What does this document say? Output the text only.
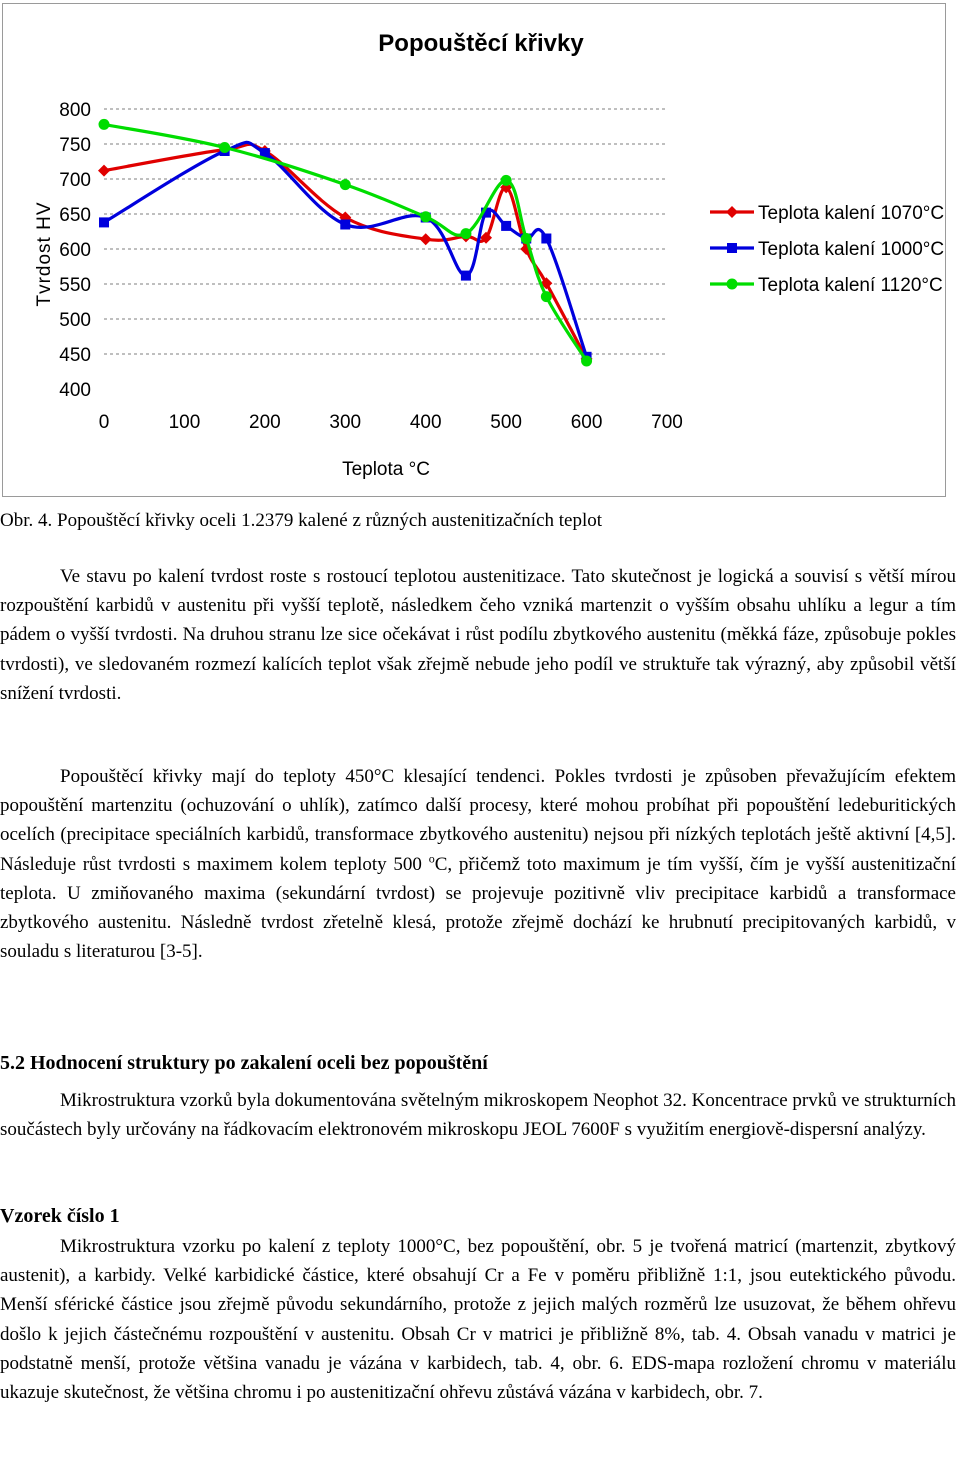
Popouštěcí křivky
Tvrdost HV
Teplota °C
800
750
700
650
600
550
500
450
400
0	100	200	300	400	500	600	700
Teplota kalení 1070°C
Teplota kalení 1000°C
Teplota kalení 1120°C
Obr. 4. Popouštěcí křivky oceli 1.2379 kalené z různých austenitizačních teplot

Ve stavu po kalení tvrdost roste s rostoucí teplotou austenitizace. Tato skutečnost je logická a souvisí s větší mírou rozpouštění karbidů v austenitu při vyšší teplotě, následkem čeho vzniká martenzit o vyšším obsahu uhlíku a legur a tím pádem o vyšší tvrdosti. Na druhou stranu lze sice očekávat i růst podílu zbytkového austenitu (měkká fáze, způsobuje pokles tvrdosti), ve sledovaném rozmezí kalících teplot však zřejmě nebude jeho podíl ve struktuře tak výrazný, aby způsobil větší snížení tvrdosti.

Popouštěcí křivky mají do teploty 450°C klesající tendenci. Pokles tvrdosti je způsoben převažujícím efektem popouštění martenzitu (ochuzování o uhlík), zatímco další procesy, které mohou probíhat při popouštění ledeburitických ocelích (precipitace speciálních karbidů, transformace zbytkového austenitu) nejsou při nízkých teplotách ještě aktivní [4,5]. Následuje růst tvrdosti s maximem kolem teploty 500 $^o$C, přičemž toto maximum je tím vyšší, čím je vyšší austenitizační teplota. U zmiňovaného maxima (sekundární tvrdost) se projevuje pozitivně vliv precipitace karbidů a transformace zbytkového austenitu. Následně tvrdost zřetelně klesá, protože zřejmě dochází ke hrubnutí precipitovaných karbidů, v souladu s literaturou [3-5].

5.2 Hodnocení struktury po zakalení oceli bez popouštění

Mikrostruktura vzorků byla dokumentována světelným mikroskopem Neophot 32. Koncentrace prvků ve strukturních součástech byly určovány na řádkovacím elektronovém mikroskopu JEOL 7600F s využitím energiově-dispersní analýzy.

Vzorek číslo 1

Mikrostruktura vzorku po kalení z teploty 1000°C, bez popouštění, obr. 5 je tvořená matricí (martenzit, zbytkový austenit), a karbidy. Velké karbidické částice, které obsahují Cr a Fe v poměru přibližně 1:1, jsou eutektického původu. Menší sférické částice jsou zřejmě původu sekundárního, protože z jejich malých rozměrů lze usuzovat, že během ohřevu došlo k jejich částečnému rozpouštění v austenitu. Obsah Cr v matrici je přibližně 8%, tab. 4. Obsah vanadu v matrici je podstatně menší, protože většina vanadu je vázána v karbidech, tab. 4, obr. 6. EDS-mapa rozložení chromu v materiálu ukazuje skutečnost, že většina chromu i po austenitizační ohřevu zůstává vázána v karbidech, obr. 7.
